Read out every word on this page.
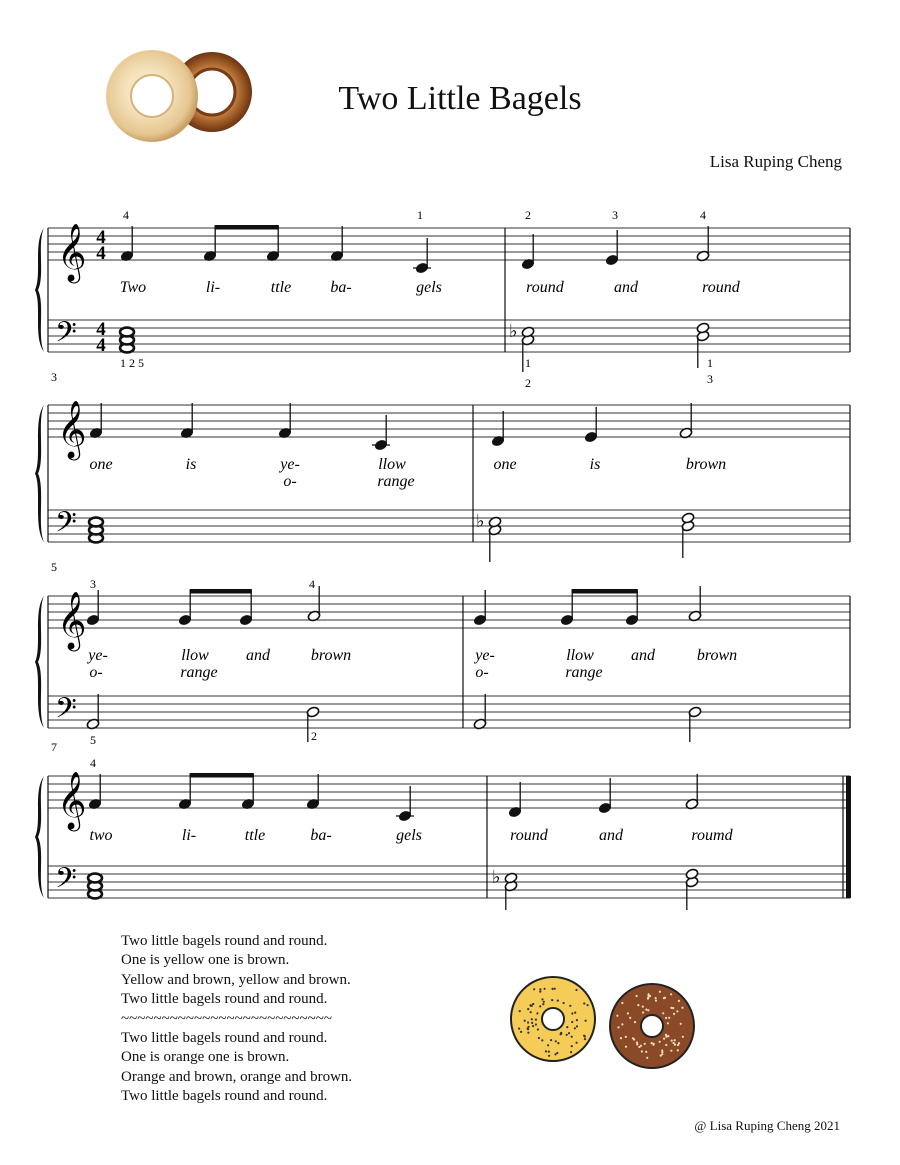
Two Little Bagels
Lisa Ruping Cheng
𝄞
𝄢
4
4
4
4
♭
4	1	2	3	4
1 2 5	1
2
1
3
Two	li-	ttle ba-	gels	round	and	round
3
𝄞
𝄢	♭
one	is	ye-	llow	one	is	brown
o-	range
5
𝄞
𝄢
3	4
5	2
ye-	llow and	brown	ye-	llow and	brown
o-	range	o-	range
7
𝄞
𝄢	♭
4
two	li-	ttle	ba-	gels	round	and	roumd
Two little bagels round and round.
One is yellow one is brown.
Yellow and brown, yellow and brown.
Two little bagels round and round.
~~~~~~~~~~~~~~~~~~~~~~~~~~
Two little bagels round and round.
One is orange one is brown.
Orange and brown, orange and brown.
Two little bagels round and round.
@ Lisa Ruping Cheng 2021
